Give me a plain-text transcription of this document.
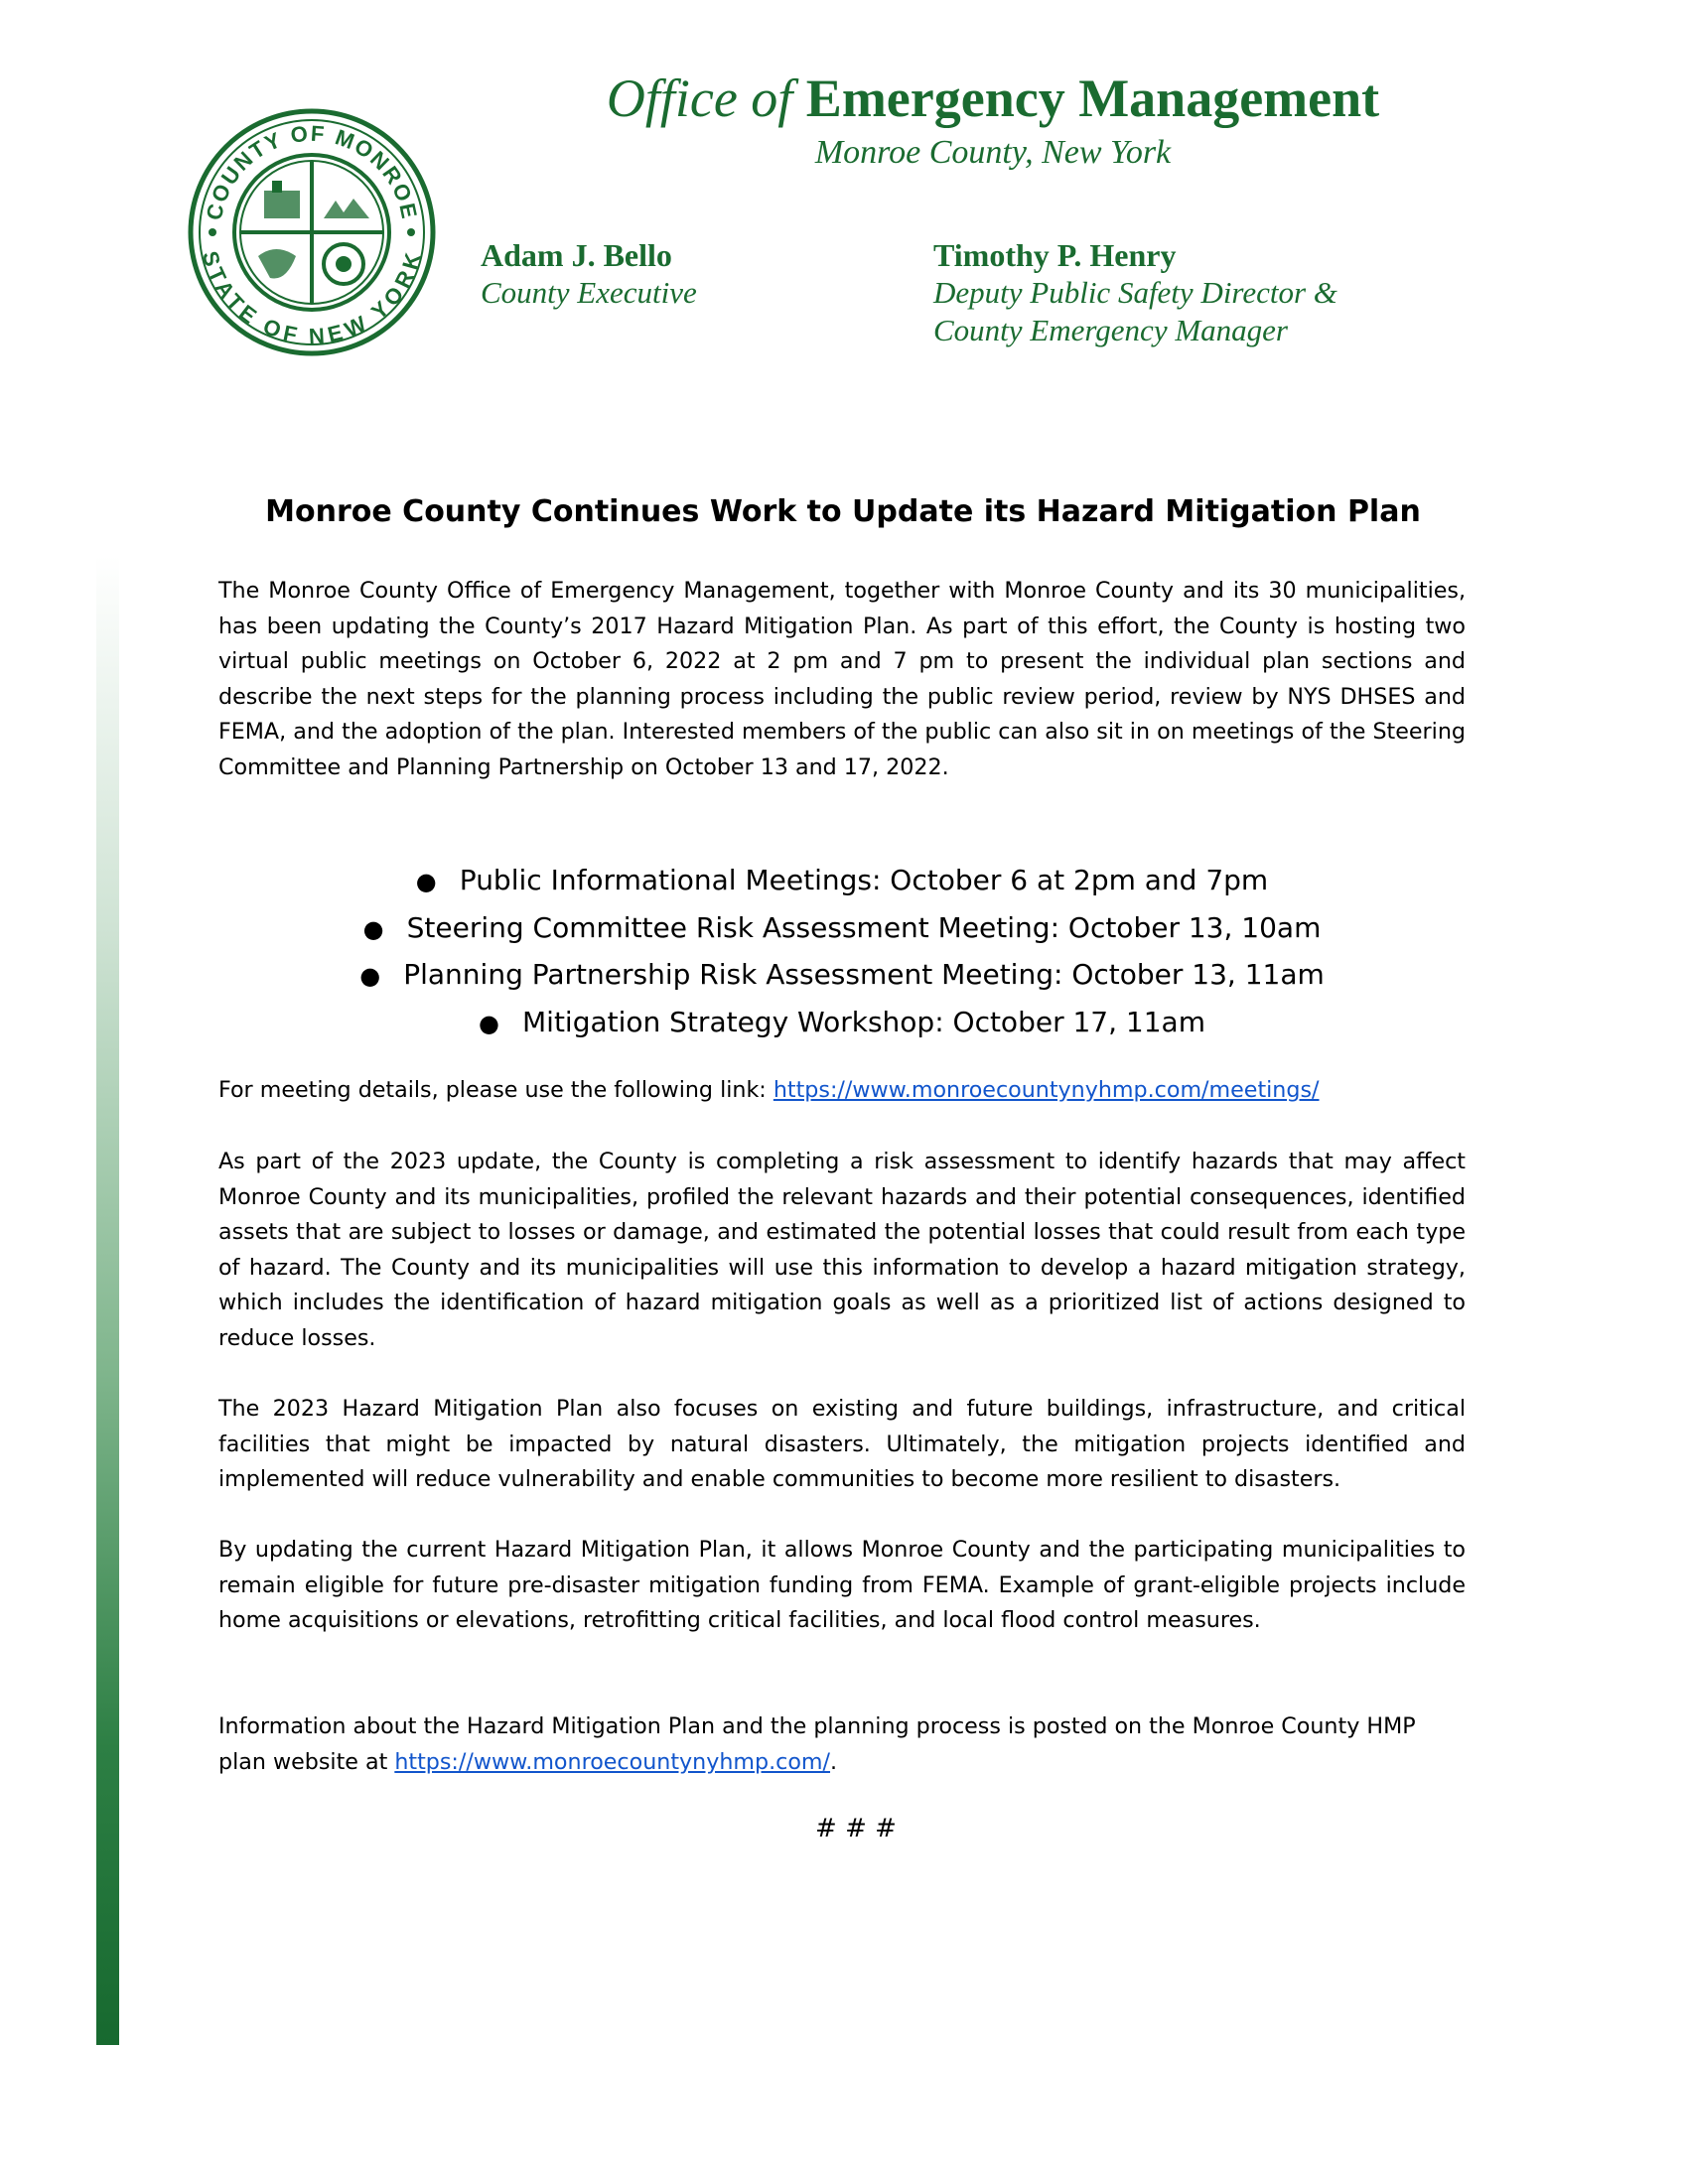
COUNTY OF MONROE
STATE OF NEW YORK
Office of Emergency Management
Monroe County, New York
Adam J. Bello
County Executive
Timothy P. Henry
Deputy Public Safety Director &
County Emergency Manager
Monroe County Continues Work to Update its Hazard Mitigation Plan

The Monroe County Office of Emergency Management, together with Monroe County and its 30 municipalities, has been updating the County’s 2017 Hazard Mitigation Plan. As part of this effort, the County is hosting two virtual public meetings on October 6, 2022 at 2 pm and 7 pm to present the individual plan sections and describe the next steps for the planning process including the public review period, review by NYS DHSES and FEMA, and the adoption of the plan. Interested members of the public can also sit in on meetings of the Steering Committee and Planning Partnership on October 13 and 17, 2022.

● Public Informational Meetings: October 6 at 2pm and 7pm
● Steering Committee Risk Assessment Meeting: October 13, 10am
● Planning Partnership Risk Assessment Meeting: October 13, 11am
● Mitigation Strategy Workshop: October 17, 11am

For meeting details, please use the following link: https://www.monroecountynyhmp.com/meetings/

As part of the 2023 update, the County is completing a risk assessment to identify hazards that may affect Monroe County and its municipalities, profiled the relevant hazards and their potential consequences, identified assets that are subject to losses or damage, and estimated the potential losses that could result from each type of hazard. The County and its municipalities will use this information to develop a hazard mitigation strategy, which includes the identification of hazard mitigation goals as well as a prioritized list of actions designed to reduce losses.

The 2023 Hazard Mitigation Plan also focuses on existing and future buildings, infrastructure, and critical facilities that might be impacted by natural disasters. Ultimately, the mitigation projects identified and implemented will reduce vulnerability and enable communities to become more resilient to disasters.

By updating the current Hazard Mitigation Plan, it allows Monroe County and the participating municipalities to remain eligible for future pre-disaster mitigation funding from FEMA. Example of grant-eligible projects include home acquisitions or elevations, retrofitting critical facilities, and local flood control measures.

Information about the Hazard Mitigation Plan and the planning process is posted on the Monroe County HMP plan website at https://www.monroecountynyhmp.com/.

# # #
